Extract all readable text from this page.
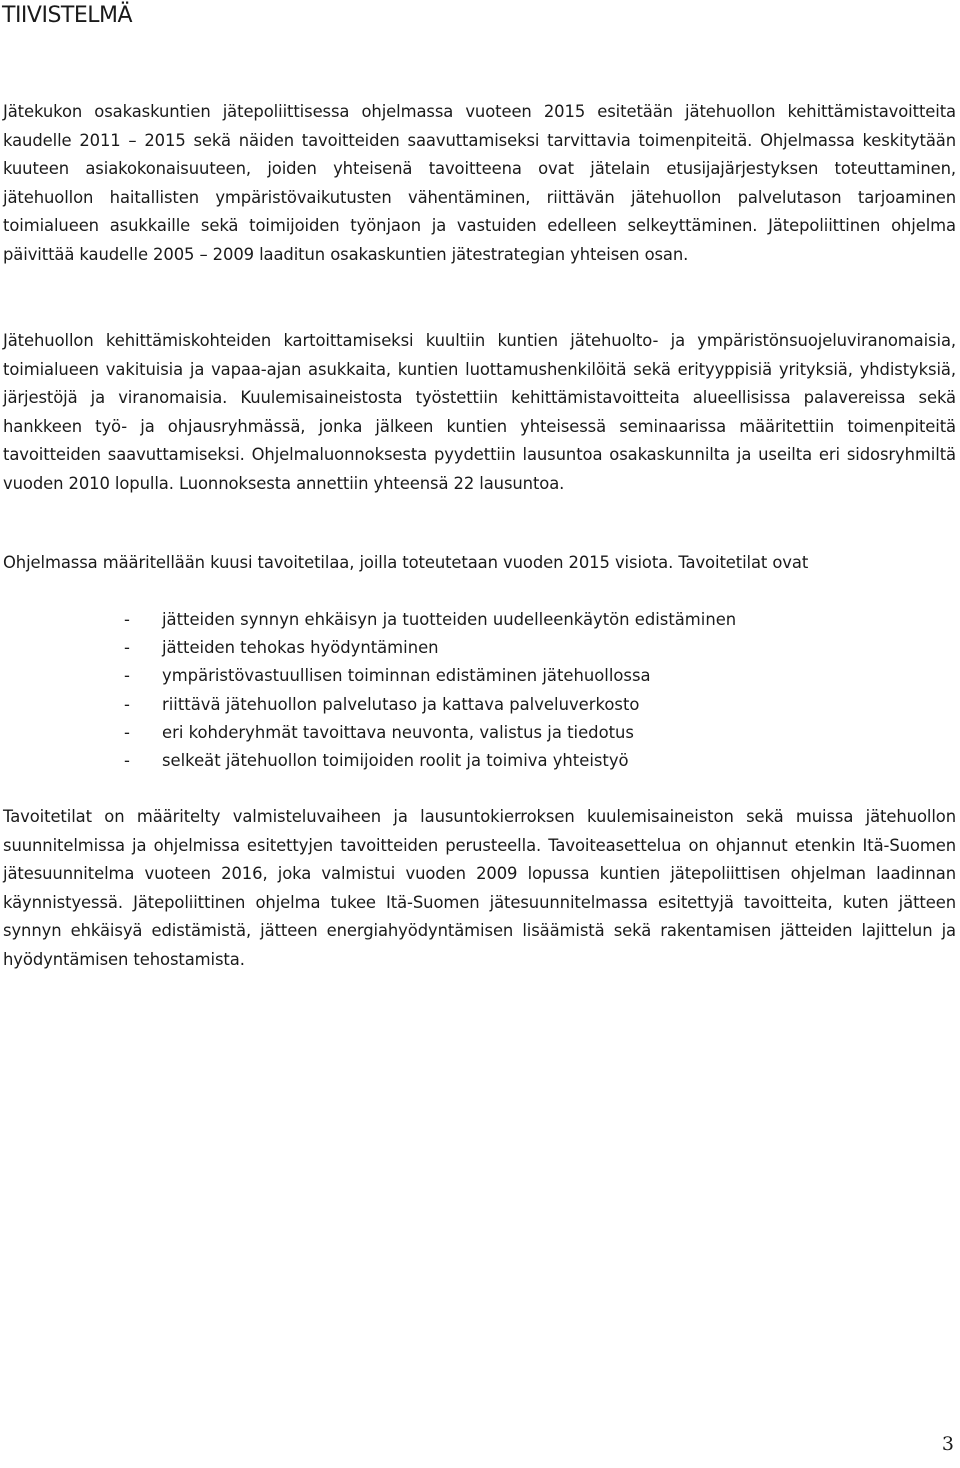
TIIVISTELMÄ

Jätekukon osakaskuntien jätepoliittisessa ohjelmassa vuoteen 2015 esitetään jätehuollon kehittämistavoitteita kaudelle 2011 – 2015 sekä näiden tavoitteiden saavuttamiseksi tarvittavia toimenpiteitä. Ohjelmassa keskitytään kuuteen asiakokonaisuuteen, joiden yhteisenä tavoitteena ovat jätelain etusijajärjestyksen toteuttaminen, jätehuollon haitallisten ympäristövaikutusten vähentäminen, riittävän jätehuollon palvelutason tarjoaminen toimialueen asukkaille sekä toimijoiden työnjaon ja vastuiden edelleen selkeyttäminen. Jätepoliittinen ohjelma päivittää kaudelle 2005 – 2009 laaditun osakaskuntien jätestrategian yhteisen osan.

Jätehuollon kehittämiskohteiden kartoittamiseksi kuultiin kuntien jätehuolto- ja ympäristönsuojeluviranomaisia, toimialueen vakituisia ja vapaa-ajan asukkaita, kuntien luottamushenkilöitä sekä erityyppisiä yrityksiä, yhdistyksiä, järjestöjä ja viranomaisia. Kuulemisaineistosta työstettiin kehittämistavoitteita alueellisissa palavereissa sekä hankkeen työ- ja ohjausryhmässä, jonka jälkeen kuntien yhteisessä seminaarissa määritettiin toimenpiteitä tavoitteiden saavuttamiseksi. Ohjelmaluonnoksesta pyydettiin lausuntoa osakaskunnilta ja useilta eri sidosryhmiltä vuoden 2010 lopulla. Luonnoksesta annettiin yhteensä 22 lausuntoa.

Ohjelmassa määritellään kuusi tavoitetilaa, joilla toteutetaan vuoden 2015 visiota. Tavoitetilat ovat

- jätteiden synnyn ehkäisyn ja tuotteiden uudelleenkäytön edistäminen
- jätteiden tehokas hyödyntäminen
- ympäristövastuullisen toiminnan edistäminen jätehuollossa
- riittävä jätehuollon palvelutaso ja kattava palveluverkosto
- eri kohderyhmät tavoittava neuvonta, valistus ja tiedotus
- selkeät jätehuollon toimijoiden roolit ja toimiva yhteistyö

Tavoitetilat on määritelty valmisteluvaiheen ja lausuntokierroksen kuulemisaineiston sekä muissa jätehuollon suunnitelmissa ja ohjelmissa esitettyjen tavoitteiden perusteella. Tavoiteasettelua on ohjannut etenkin Itä-Suomen jätesuunnitelma vuoteen 2016, joka valmistui vuoden 2009 lopussa kuntien jätepoliittisen ohjelman laadinnan käynnistyessä. Jätepoliittinen ohjelma tukee Itä-Suomen jätesuunnitelmassa esitettyjä tavoitteita, kuten jätteen synnyn ehkäisyä edistämistä, jätteen energiahyödyntämisen lisäämistä sekä rakentamisen jätteiden lajittelun ja hyödyntämisen tehostamista.

3
